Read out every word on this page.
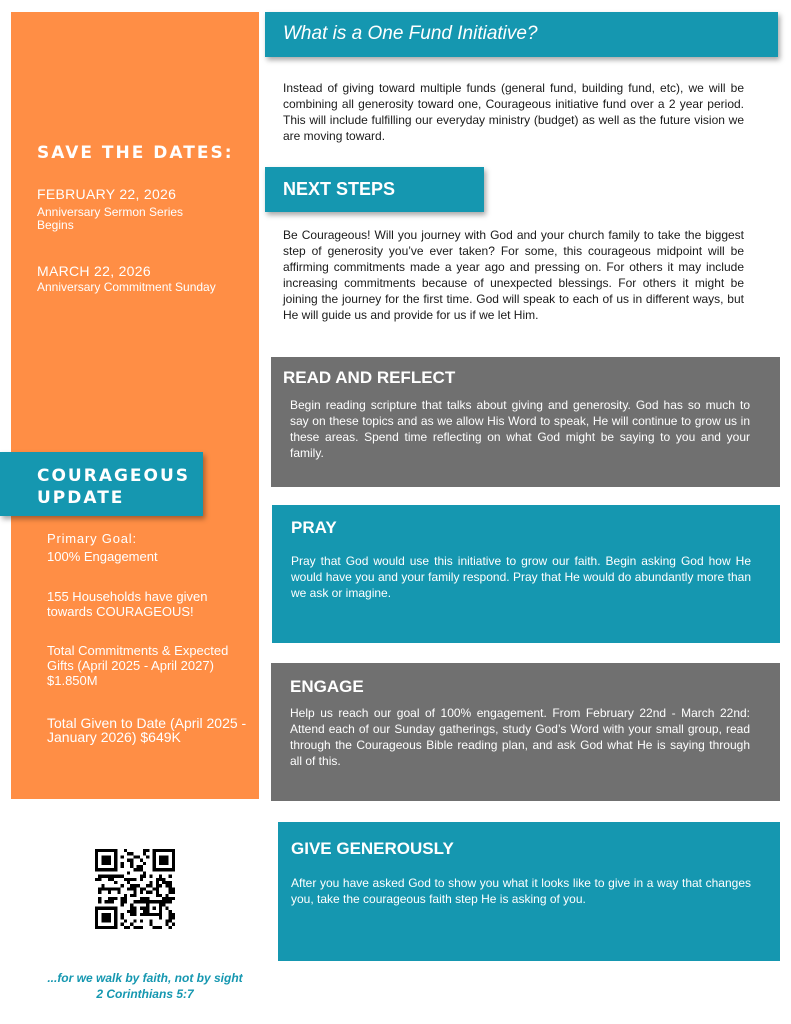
SAVE THE DATES:
FEBRUARY 22, 2026
Anniversary Sermon Series Begins
MARCH 22, 2026
Anniversary Commitment Sunday
COURAGEOUS UPDATE
Primary Goal:
100% Engagement
155 Households have given towards COURAGEOUS!
Total Commitments & Expected Gifts (April 2025 - April 2027) $1.850M
Total Given to Date (April 2025 - January 2026) $649K
...for we walk by faith, not by sight
2 Corinthians 5:7
What is a One Fund Initiative?
Instead of giving toward multiple funds (general fund, building fund, etc), we will be combining all generosity toward one, Courageous initiative fund over a 2 year period. This will include fulfilling our everyday ministry (budget) as well as the future vision we are moving toward.
NEXT STEPS
Be Courageous! Will you journey with God and your church family to take the biggest step of generosity you’ve ever taken? For some, this courageous midpoint will be affirming commitments made a year ago and pressing on. For others it may include increasing commitments because of unexpected blessings. For others it might be joining the journey for the first time. God will speak to each of us in different ways, but He will guide us and provide for us if we let Him.
READ AND REFLECT
Begin reading scripture that talks about giving and generosity. God has so much to say on these topics and as we allow His Word to speak, He will continue to grow us in these areas. Spend time reflecting on what God might be saying to you and your family.
PRAY
Pray that God would use this initiative to grow our faith. Begin asking God how He would have you and your family respond. Pray that He would do abundantly more than we ask or imagine.
ENGAGE
Help us reach our goal of 100% engagement. From February 22nd - March 22nd: Attend each of our Sunday gatherings, study God’s Word with your small group, read through the Courageous Bible reading plan, and ask God what He is saying through all of this.
GIVE GENEROUSLY
After you have asked God to show you what it looks like to give in a way that changes you, take the courageous faith step He is asking of you.
